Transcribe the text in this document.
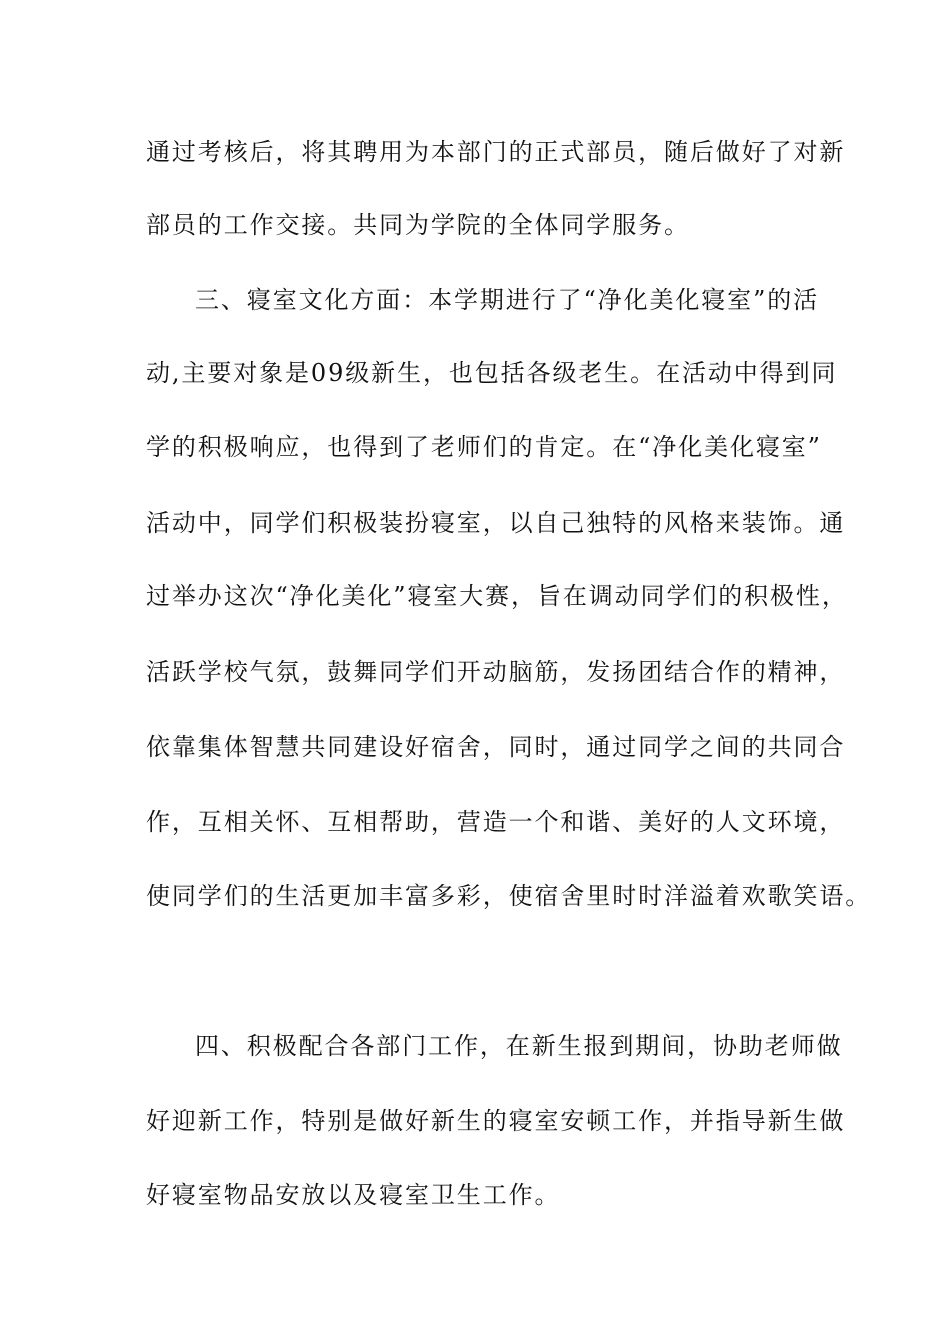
通过考核后，将其聘用为本部门的正式部员，随后做好了对新
部员的工作交接。共同为学院的全体同学服务。
三、寝室文化方面：本学期进行了“净化美化寝室”的活
动,主要对象是09级新生，也包括各级老生。在活动中得到同
学的积极响应，也得到了老师们的肯定。在“净化美化寝室”
活动中，同学们积极装扮寝室，以自己独特的风格来装饰。通
过举办这次“净化美化”寝室大赛，旨在调动同学们的积极性，
活跃学校气氛，鼓舞同学们开动脑筋，发扬团结合作的精神，
依靠集体智慧共同建设好宿舍，同时，通过同学之间的共同合
作，互相关怀、互相帮助，营造一个和谐、美好的人文环境，
使同学们的生活更加丰富多彩，使宿舍里时时洋溢着欢歌笑语。
四、积极配合各部门工作，在新生报到期间，协助老师做
好迎新工作，特别是做好新生的寝室安顿工作，并指导新生做
好寝室物品安放以及寝室卫生工作。
